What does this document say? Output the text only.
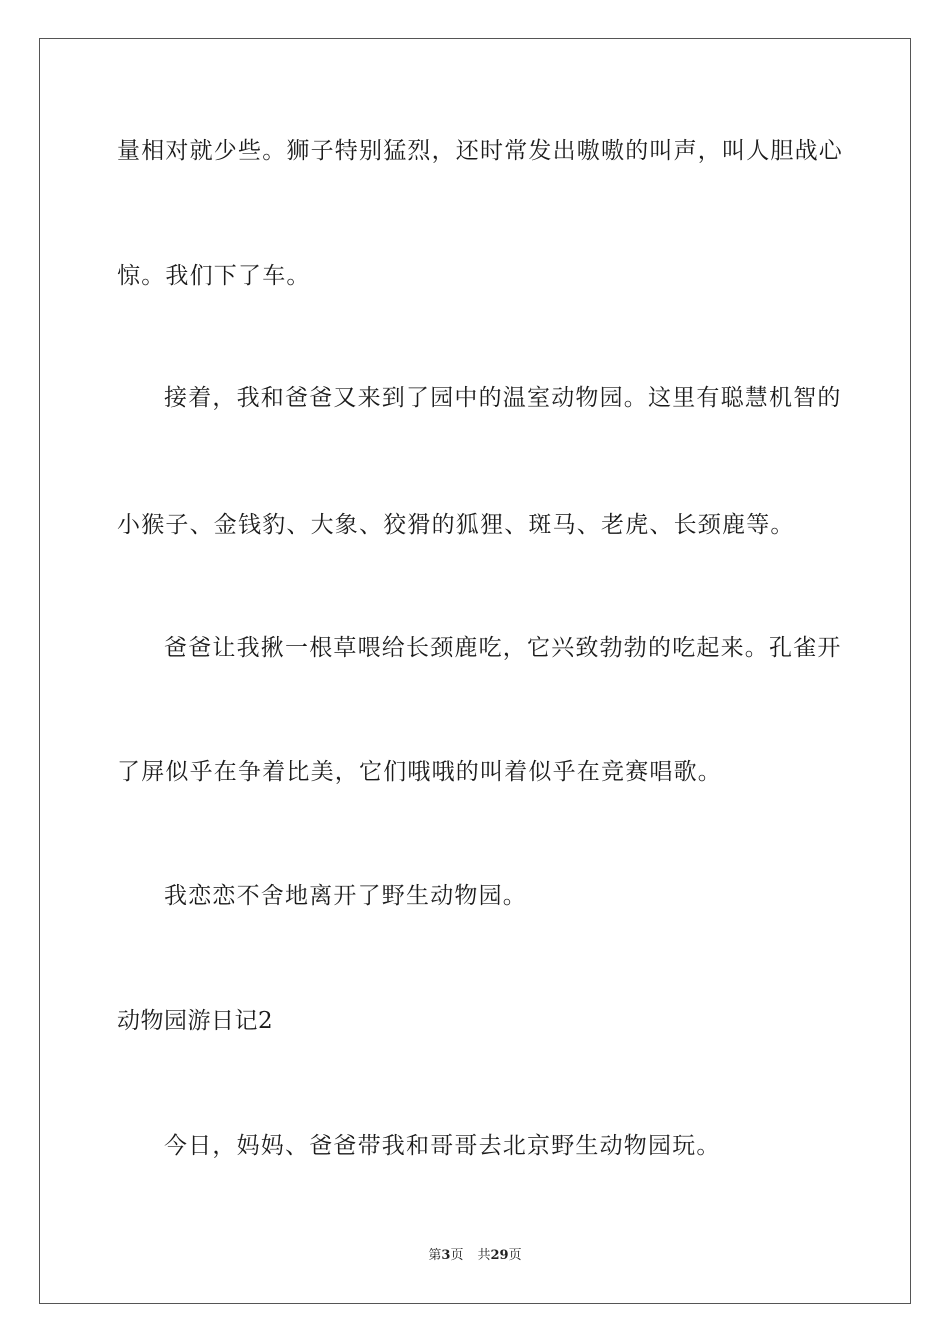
量相对就少些。狮子特别猛烈，还时常发出嗷嗷的叫声，叫人胆战心
惊。我们下了车。
接着，我和爸爸又来到了园中的温室动物园。这里有聪慧机智的
小猴子、金钱豹、大象、狡猾的狐狸、斑马、老虎、长颈鹿等。
爸爸让我揪一根草喂给长颈鹿吃，它兴致勃勃的吃起来。孔雀开
了屏似乎在争着比美，它们哦哦的叫着似乎在竞赛唱歌。
我恋恋不舍地离开了野生动物园。
动物园游日记2
今日，妈妈、爸爸带我和哥哥去北京野生动物园玩。
第3页 共29页
